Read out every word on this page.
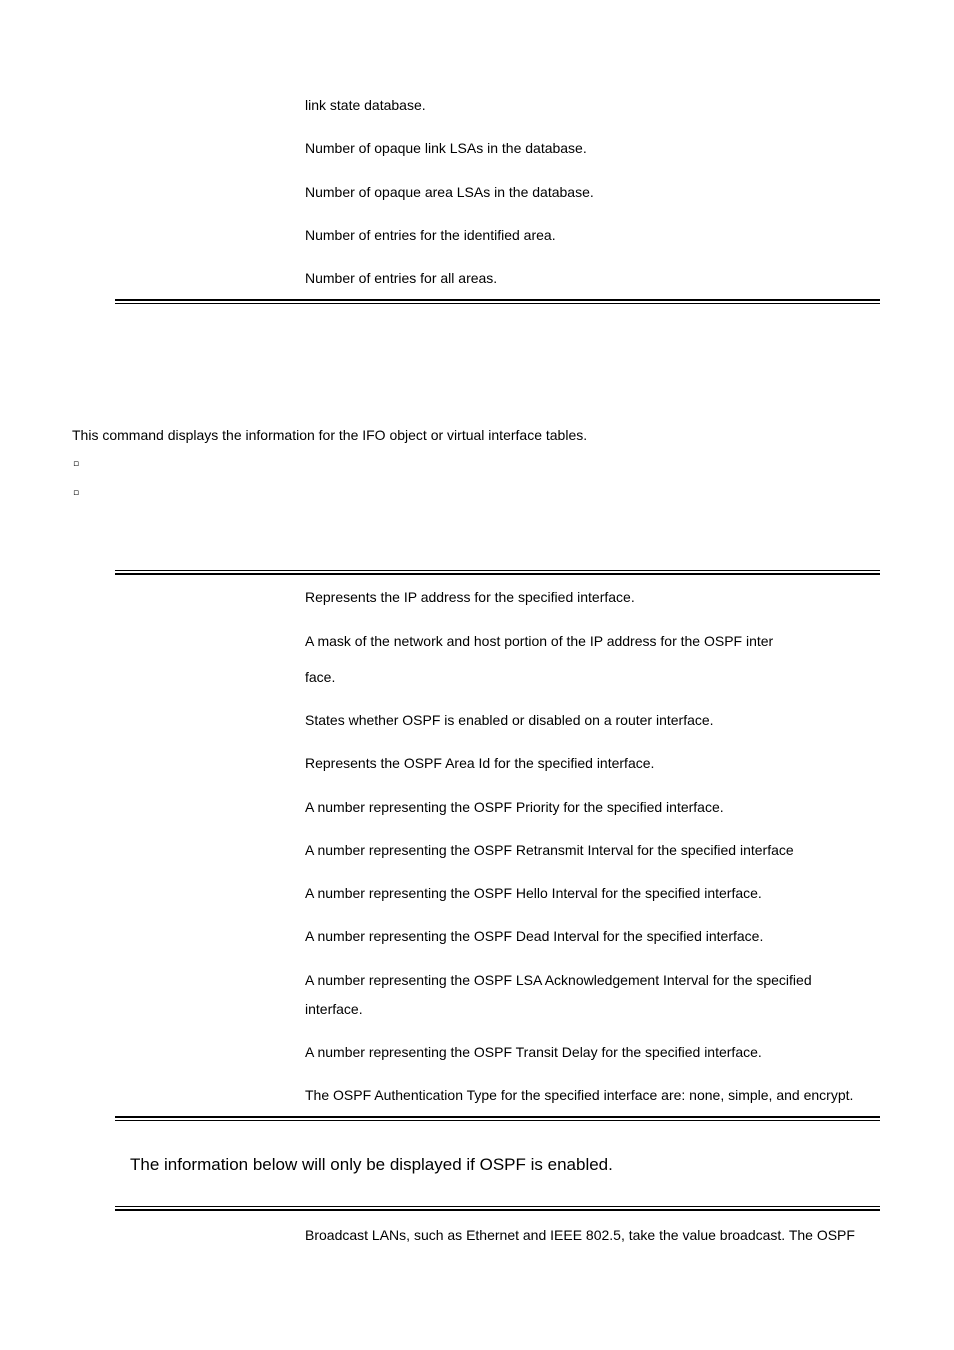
link state database.
Number of opaque link LSAs in the database.
Number of opaque area LSAs in the database.
Number of entries for the identified area.
Number of entries for all areas.
This command displays the information for the IFO object or virtual interface tables.
▫
▫
Represents the IP address for the specified interface.
A mask of the network and host portion of the IP address for the OSPF inter
face.
States whether OSPF is enabled or disabled on a router interface.
Represents the OSPF Area Id for the specified interface.
A number representing the OSPF Priority for the specified interface.
A number representing the OSPF Retransmit Interval for the specified interface
A number representing the OSPF Hello Interval for the specified interface.
A number representing the OSPF Dead Interval for the specified interface.
A number representing the OSPF LSA Acknowledgement Interval for the specified
interface.
A number representing the OSPF Transit Delay for the specified interface.
The OSPF Authentication Type for the specified interface are: none, simple, and encrypt.
The information below will only be displayed if OSPF is enabled.
Broadcast LANs, such as Ethernet and IEEE 802.5, take the value broadcast. The OSPF
